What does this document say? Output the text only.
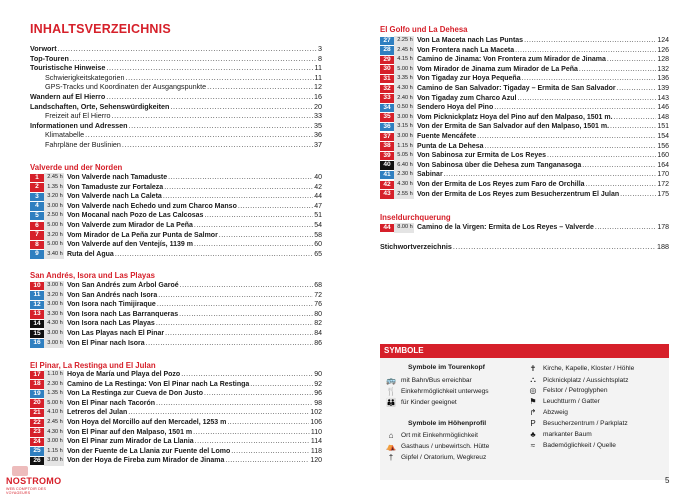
INHALTSVERZEICHNIS
Vorwort .....	3
Top-Touren .....	8
Touristische Hinweise .....	11
Schwierigkeitskategorien .....	11
GPS-Tracks und Koordinaten der Ausgangspunkte .....	12
Wandern auf El Hierro .....	16
Landschaften, Orte, Sehenswürdigkeiten .....	20
Freizeit auf El Hierro .....	33
Informationen und Adressen .....	35
Klimatabelle .....	36
Fahrpläne der Buslinien .....	37
Valverde und der Norden
1	2.45 h Von Valverde nach Tamaduste .....	40
2	1.35 h Von Tamaduste zur Fortaleza .....	42
3	3.20 h Von Valverde nach La Caleta .....	44
4	3.00 h Von Valverde nach Echedo und zum Charco Manso .....	47
5	2.50 h Von Mocanal nach Pozo de Las Calcosas .....	51
6	5.00 h Von Valverde zum Mirador de La Peña .....	54
7	3.20 h Vom Mirador de La Peña zur Punta de Salmor .....	58
8	5.00 h Von Valverde auf den Ventejís, 1139 m .....	60
9	3.40 h Ruta del Agua .....	65
San Andrés, Isora und Las Playas
10	3.00 h Von San Andrés zum Árbol Garoé .....	68
11	3.20 h Von San Andrés nach Isora .....	72
12	3.00 h Von Isora nach Timijiraque .....	76
13	3.30 h Von Isora nach Las Barranqueras .....	80
14	4.30 h Von Isora nach Las Playas .....	82
15	3.00 h Von Las Playas nach El Pinar .....	84
16	3.00 h Von El Pinar nach Isora .....	86
El Pinar, La Restinga und El Julan
17	1.10 h Hoya de María und Playa del Pozo .....	90
18	2.30 h Camino de La Restinga: Von El Pinar nach La Restinga .....	92
19	1.35 h Von La Restinga zur Cueva de Don Justo .....	96
20	5.00 h Von El Pinar nach Tacorón .....	98
21	4.10 h Letreros del Julan .....	102
22	2.45 h Von Hoya del Morcillo auf den Mercadel, 1253 m .....	106
23	4.30 h Von El Pinar auf den Malpaso, 1501 m .....	110
24	3.00 h Von El Pinar zum Mirador de La Llania .....	114
25	1.15 h Von der Fuente de La Llania zur Fuente del Lomo .....	118
26	3.00 h Von der Hoya de Fireba zum Mirador de Jinama .....	120
El Golfo und La Dehesa
27	2.25 h Von La Maceta nach Las Puntas .....	124
28	2.45 h Von Frontera nach La Maceta .....	126
29	4.15 h Camino de Jinama: Von Frontera zum Mirador de Jinama .....	128
30	5.00 h Vom Mirador de Jinama zum Mirador de La Peña .....	132
31	3.35 h Von Tigaday zur Hoya Pequeña .....	136
32	4.30 h Camino de San Salvador: Tigaday – Ermita de San Salvador .....	139
33	2.40 h Von Tigaday zum Charco Azul .....	143
34	0.50 h Sendero Hoya del Pino .....	146
35	3.00 h Vom Picknickplatz Hoya del Pino auf den Malpaso, 1501 m. .....	148
36	3.15 h Von der Ermita de San Salvador auf den Malpaso, 1501 m. .....	151
37	3.00 h Fuente Mencáfete .....	154
38	1.15 h Punta de La Dehesa .....	156
39	5.05 h Von Sabinosa zur Ermita de Los Reyes .....	160
40	6.40 h Von Sabinosa über die Dehesa zum Tanganasoga .....	164
41	2.30 h Sabinar .....	170
42	4.30 h Von der Ermita de Los Reyes zum Faro de Orchilla .....	172
43	2.55 h Von der Ermita de Los Reyes zum Besucherzentrum El Julan .....	175
Inseldurchquerung
44	8.00 h Camino de la Virgen: Ermita de Los Reyes – Valverde .....	178
Stichwortverzeichnis .....	188
SYMBOLE
Symbole im Tourenkopf
Symbole im Höhenprofil
🚌 mit Bahn/Bus erreichbar
🍴 Einkehrmöglichkeit unterwegs
👪 für Kinder geeignet
⌂	Ort mit Einkehrmöglichkeit
⛺ Gasthaus / unbewirtsch. Hütte
†	Gipfel / Oratorium, Wegkreuz
✝	Kirche, Kapelle, Kloster / Höhle
⛬	Picknickplatz / Aussichtsplatz
◎ Felstor / Petroglyphen
⚑ Leuchtturm / Gatter
↱	Abzweig
P	Besucherzentrum / Parkplatz
♣	markanter Baum
≈	Bademöglichkeit / Quelle
NOSTROMO
WEB COMPTOIR DES VOYAGEURS
5
